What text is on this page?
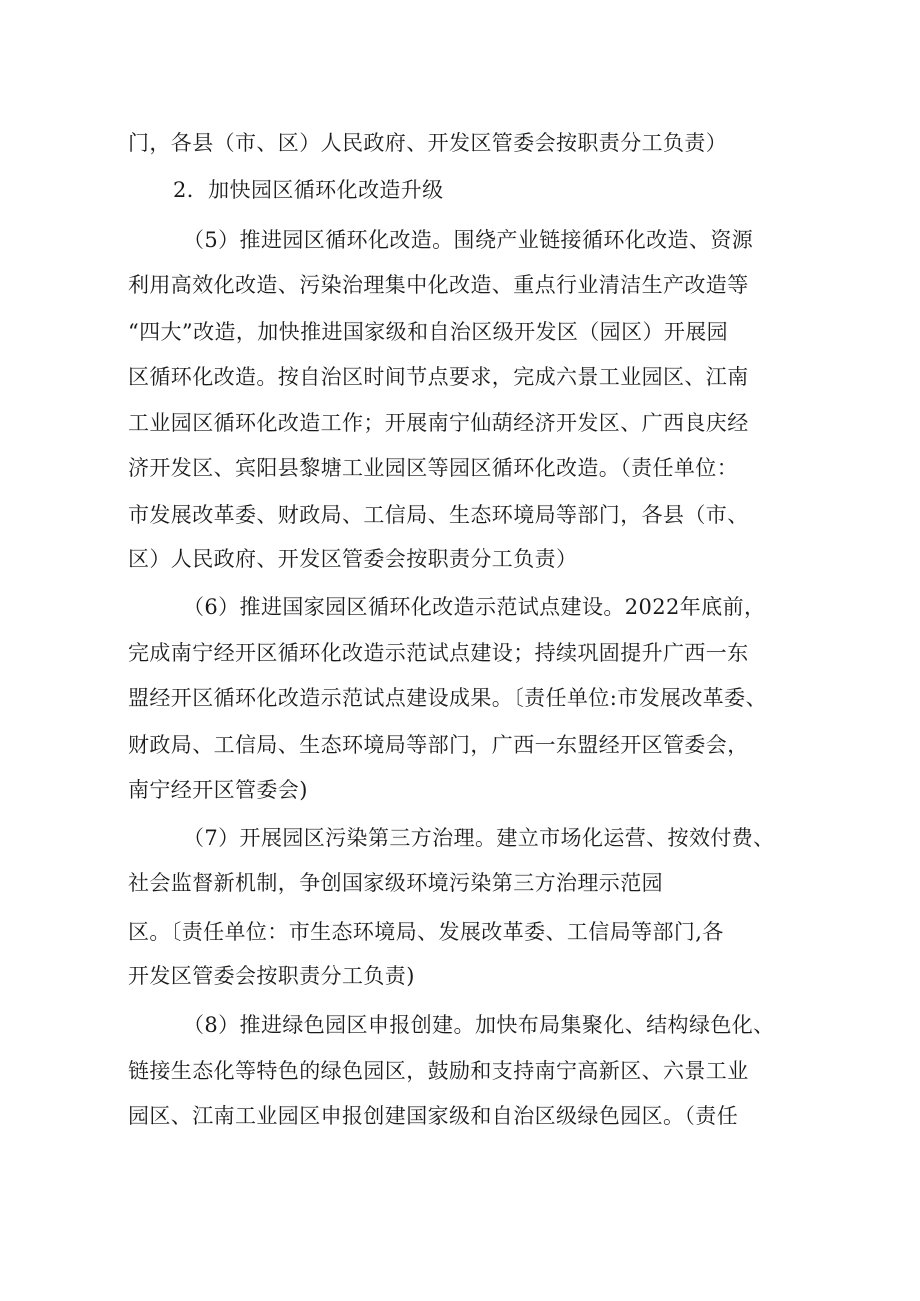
门，各县（市、区）人民政府、开发区管委会按职责分工负责）

2．加快园区循环化改造升级

（5）推进园区循环化改造。围绕产业链接循环化改造、资源

利用高效化改造、污染治理集中化改造、重点行业清洁生产改造等

“四大”改造，加快推进国家级和自治区级开发区（园区）开展园

区循环化改造。按自治区时间节点要求，完成六景工业园区、江南

工业园区循环化改造工作；开展南宁仙葫经济开发区、广西良庆经

济开发区、宾阳县黎塘工业园区等园区循环化改造。（责任单位：

市发展改革委、财政局、工信局、生态环境局等部门，各县（市、

区）人民政府、开发区管委会按职责分工负责）

（6）推进国家园区循环化改造示范试点建设。2022年底前，

完成南宁经开区循环化改造示范试点建设；持续巩固提升广西一东

盟经开区循环化改造示范试点建设成果。〔责任单位:市发展改革委、

财政局、工信局、生态环境局等部门，广西一东盟经开区管委会，

南宁经开区管委会)

（7）开展园区污染第三方治理。建立市场化运营、按效付费、

社会监督新机制，争创国家级环境污染第三方治理示范园

区。〔责任单位：市生态环境局、发展改革委、工信局等部门,各

开发区管委会按职责分工负责)

（8）推进绿色园区申报创建。加快布局集聚化、结构绿色化、

链接生态化等特色的绿色园区，鼓励和支持南宁高新区、六景工业

园区、江南工业园区申报创建国家级和自治区级绿色园区。（责任
